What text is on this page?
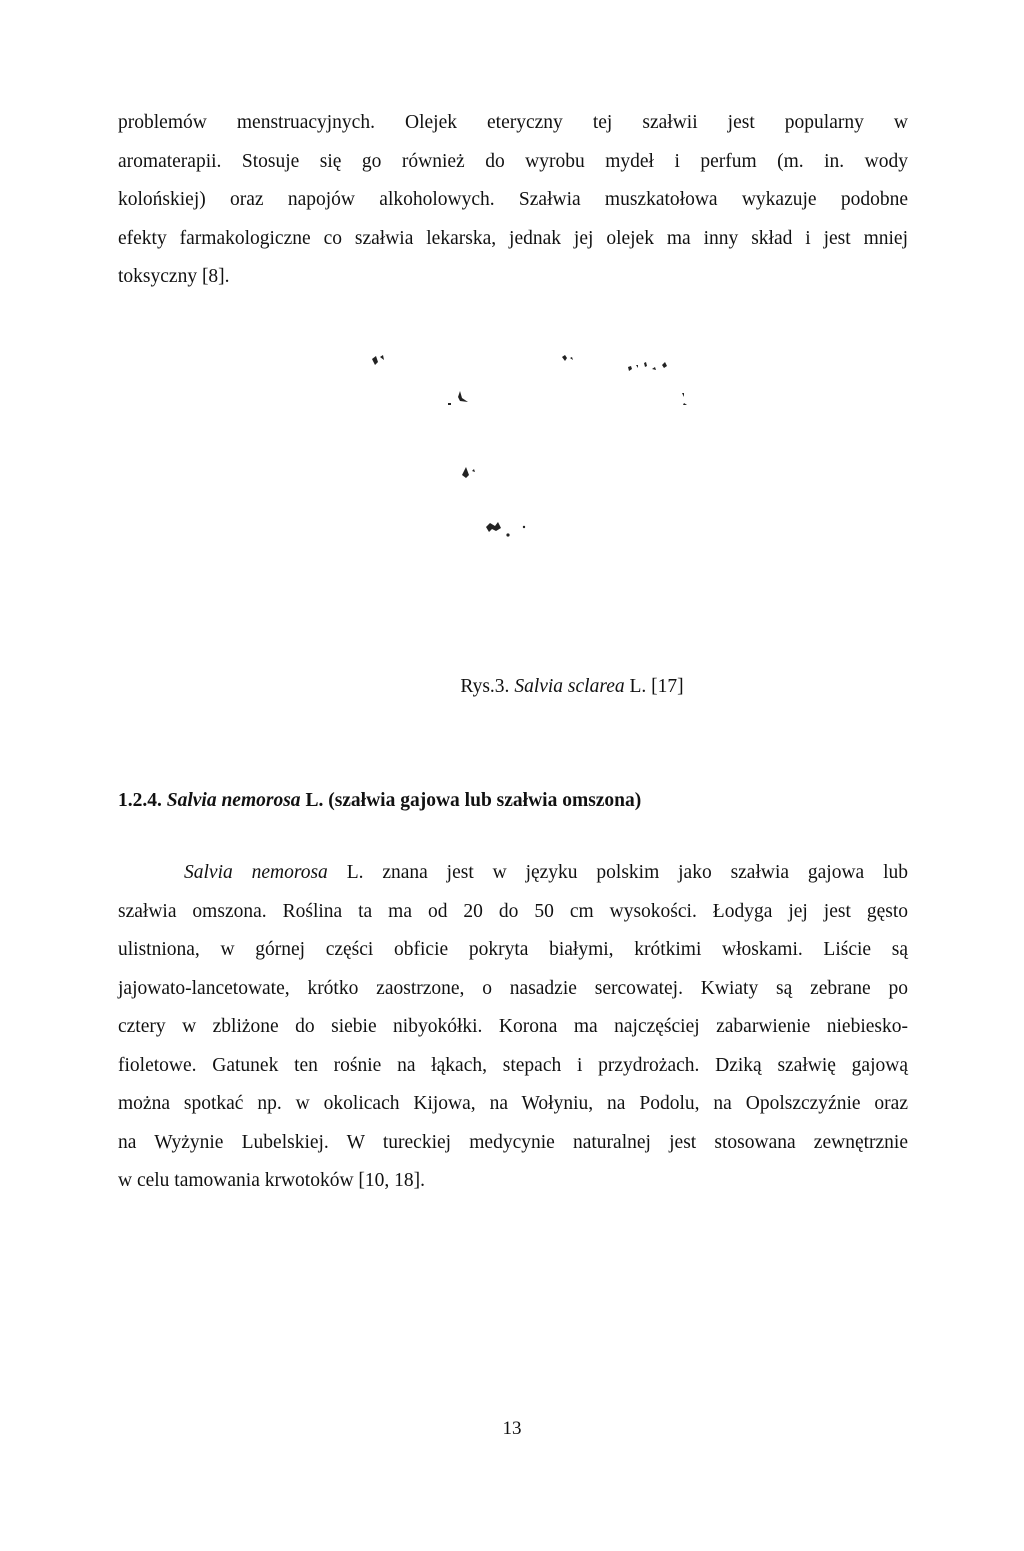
problemów menstruacyjnych. Olejek eteryczny tej szałwii jest popularny w
aromaterapii. Stosuje się go również do wyrobu mydeł i perfum (m. in. wody
kolońskiej) oraz napojów alkoholowych. Szałwia muszkatołowa wykazuje podobne
efekty farmakologiczne co szałwia lekarska, jednak jej olejek ma inny skład i jest mniej
toksyczny [8].
Rys.3. Salvia sclarea L. [17]
1.2.4. Salvia nemorosa L. (szałwia gajowa lub szałwia omszona)
Salvia nemorosa L. znana jest w języku polskim jako szałwia gajowa lub
szałwia omszona. Roślina ta ma od 20 do 50 cm wysokości. Łodyga jej jest gęsto
ulistniona, w górnej części obficie pokryta białymi, krótkimi włoskami. Liście są
jajowato-lancetowate, krótko zaostrzone, o nasadzie sercowatej. Kwiaty są zebrane po
cztery w zbliżone do siebie nibyokółki. Korona ma najczęściej zabarwienie niebiesko-
fioletowe. Gatunek ten rośnie na łąkach, stepach i przydrożach. Dziką szałwię gajową
można spotkać np. w okolicach Kijowa, na Wołyniu, na Podolu, na Opolszczyźnie oraz
na Wyżynie Lubelskiej. W tureckiej medycynie naturalnej jest stosowana zewnętrznie
w celu tamowania krwotoków [10, 18].
13
